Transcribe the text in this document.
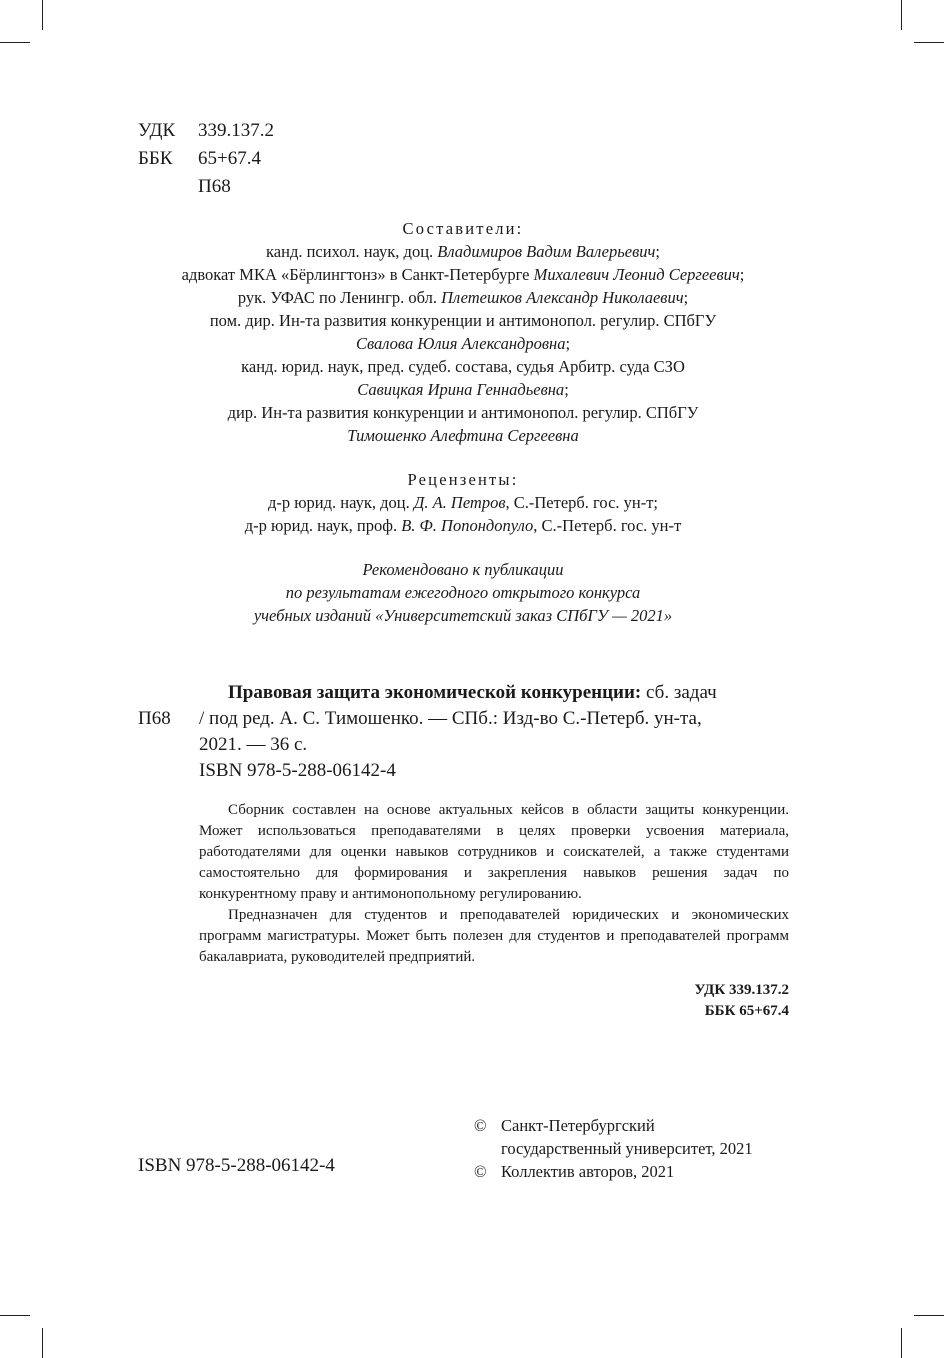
УДК 339.137.2
ББК 65+67.4
П68
Составители:
канд. психол. наук, доц. Владимиров Вадим Валерьевич;
адвокат МКА «Бёрлингтонз» в Санкт-Петербурге Михалевич Леонид Сергеевич;
рук. УФАС по Ленингр. обл. Плетешков Александр Николаевич;
пом. дир. Ин-та развития конкуренции и антимонопол. регулир. СПбГУ
Свалова Юлия Александровна;
канд. юрид. наук, пред. судеб. состава, судья Арбитр. суда СЗО
Савицкая Ирина Геннадьевна;
дир. Ин-та развития конкуренции и антимонопол. регулир. СПбГУ
Тимошенко Алефтина Сергеевна
Рецензенты:
д-р юрид. наук, доц. Д. А. Петров, С.-Петерб. гос. ун-т;
д-р юрид. наук, проф. В. Ф. Попондопуло, С.-Петерб. гос. ун-т
Рекомендовано к публикации
по результатам ежегодного открытого конкурса
учебных изданий «Университетский заказ СПбГУ — 2021»
П68
Правовая защита экономической конкуренции: сб. задач
/ под ред. А. С. Тимошенко. — СПб.: Изд-во С.-Петерб. ун-та,
2021. — 36 с.
ISBN 978-5-288-06142-4

Сборник составлен на основе актуальных кейсов в области защиты конкуренции. Может использоваться преподавателями в целях проверки усвоения материала, работодателями для оценки навыков сотрудников и соискателей, а также студентами самостоятельно для формирования и закрепления навыков решения задач по конкурентному праву и антимонопольному регулированию.

Предназначен для студентов и преподавателей юридических и экономических программ магистратуры. Может быть полезен для студентов и преподавателей программ бакалавриата, руководителей предприятий.

УДК 339.137.2
ББК 65+67.4
ISBN 978-5-288-06142-4
© Санкт-Петербургский
государственный университет, 2021
© Коллектив авторов, 2021
